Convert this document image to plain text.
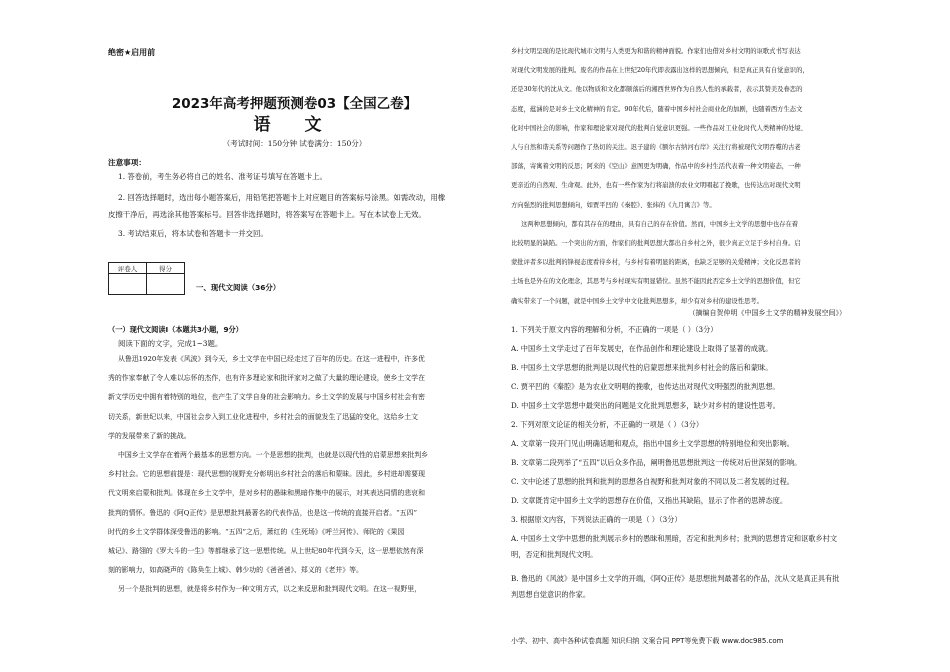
绝密★启用前
2023年高考押题预测卷03【全国乙卷】
语 文
（考试时间：150分钟 试卷满分：150分）
注意事项：
1. 答卷前，考生务必将自己的姓名、准考证号填写在答题卡上。
2. 回答选择题时，选出每小题答案后，用铅笔把答题卡上对应题目的答案标号涂黑。如需改动，用橡
皮擦干净后，再选涂其他答案标号。回答非选择题时，将答案写在答题卡上。写在本试卷上无效。
3. 考试结束后，将本试卷和答题卡一并交回。
评卷人	得分

一、现代文阅读（36分）
（一）现代文阅读Ⅰ（本题共3小题，9分）
阅读下面的文字，完成1~3题。
从鲁迅1920年发表《风波》到今天，乡土文学在中国已经走过了百年的历史。在这一进程中，许多优
秀的作家奉献了令人难以忘怀的杰作，也有许多理论家和批评家对之做了大量的理论建设，使乡土文学在
新文学历史中拥有着特别的地位，也产生了文学自身的社会影响力。乡土文学的发展与中国乡村社会有密
切关系，新世纪以来，中国社会步入到工业化进程中，乡村社会的面貌发生了迅猛的变化，这给乡土文
学的发展带来了新的挑战。
中国乡土文学存在着两个最基本的思想方向。一个是思想的批判，也就是以现代性的启蒙思想来批判乡
乡村社会。它的思想前提是：现代思想的视野充分彰明出乡村社会的落后和蒙昧。因此，乡村进却需要现
代文明来启蒙和批判。体现在乡土文学中，是对乡村的愚昧和黑暗作集中的展示，对其表达同情的悲哀和
批判的情怀。鲁迅的《阿Q正传》是思想批判最著名的代表作品，也是这一传统的直接开启者。“五四”
时代的乡土文学群体深受鲁迅的影响。“五四”之后，萧红的《生死场》《呼兰河传》、师陀的《果园
城记》、路翎的《罗大斗的一生》等都继承了这一思想传统。从上世纪80年代到今天，这一思想依然有深
刻的影响力，如高晓声的《陈奂生上城》、韩少功的《爸爸爸》、郑义的《老井》等。
另一个是批判的思想，就是将乡村作为一种文明方式，以之来反思和批判现代文明。在这一视野里，
乡村文明呈现的是比现代城市文明与人类更为和谐的精神面貌。作家们也借对乡村文明的讴歌式书写表达
对现代文明发展的批判。废名的作品在上世纪20年代即表露出这样的思想倾向，但是真正具有自觉意识的，
还是30年代的沈从文。他以物质和文化都颇落后的湘西世界作为自然人性的承载者，表示其赞美及眷恋的
态度，蕴涵的是对乡土文化精神的肯定。90年代后，随着中国乡村社会商业化的加剧，也随着西方生态文
化对中国社会的影响，作家和理论家对现代的批判自觉意识更强。一些作品对工业化时代人类精神的处境、
人与自然和谐关系等问题作了热切的关注。迟子建的《额尔古纳河右岸》关注行将被现代文明吞噬的古老
部落，寄寓着文明的反思；阿来的《空山》意图更为明确，作品中的乡村生活代表着一种文明姿态，一种
更亲近的自然观、生命观。此外，也有一些作家为行将崩溃的农业文明唱起了挽歌，也传达出对现代文明
方向强烈的批判思想倾向，如贾平凹的《秦腔》、张炜的《九月寓言》等。
这两种思想倾向，都有其存在的理由，具有自己的存在价值。然而，中国乡土文学的思想中也存在着
比较明显的缺陷。一个突出的方面，作家们的批判思想大都出自乡村之外，很少真正立足于乡村自身。启
蒙批评者多以批判的锋视态度看待乡村，与乡村有着明显的距离，也缺乏足够的关爱精神；文化反思者的
土场也是外在的文化理念，其思考与乡村现实有明显错位。虽然不能因此否定乡土文学的思想价值，但它
确实带来了一个问题，就是中国乡土文学中文化批判思想多，却少有对乡村的建设性思考。
（摘编自贺仲明《中国乡土文学的精神发展空间》）
1. 下列关于原文内容的理解和分析，不正确的一项是（ ）（3分）
A. 中国乡土文学走过了百年发展史，在作品创作和理论建设上取得了显著的成就。
B. 中国乡土文学思想的批判是以现代性的启蒙思想来批判乡村社会的落后和蒙昧。
C. 贾平凹的《秦腔》是为农业文明唱的挽歌，也传达出对现代文明强烈的批判思想。
D. 中国乡土文学思想中最突出的问题是文化批判思想多，缺少对乡村的建设性思考。
2. 下列对原文论证的相关分析，不正确的一项是（ ）（3分）
A. 文章第一段开门见山明确话题和观点，指出中国乡土文学思想的特别地位和突出影响。
B. 文章第二段列举了“五四”以后众多作品，阐明鲁迅思想批判这一传统对后世深刻的影响。
C. 文中论述了思想的批判和批判的思想各自视野和批判对象的不同以及二者发展的过程。
D. 文章既肯定中国乡土文学的思想存在价值，又指出其缺陷，显示了作者的思辨态度。
3. 根据原文内容，下列说法正确的一项是（ ）（3分）
A. 中国乡土文学中思想的批判展示乡村的愚昧和黑暗，否定和批判乡村；批判的思想肯定和讴歌乡村文明，否定和批判现代文明。
B. 鲁迅的《风波》是中国乡土文学的开端，《阿Q正传》是思想批判最著名的作品，沈从文是真正具有批判思想自觉意识的作家。
小学、初中、高中各种试卷真题 知识归纳 文案合同 PPT等免费下载 www.doc985.com
